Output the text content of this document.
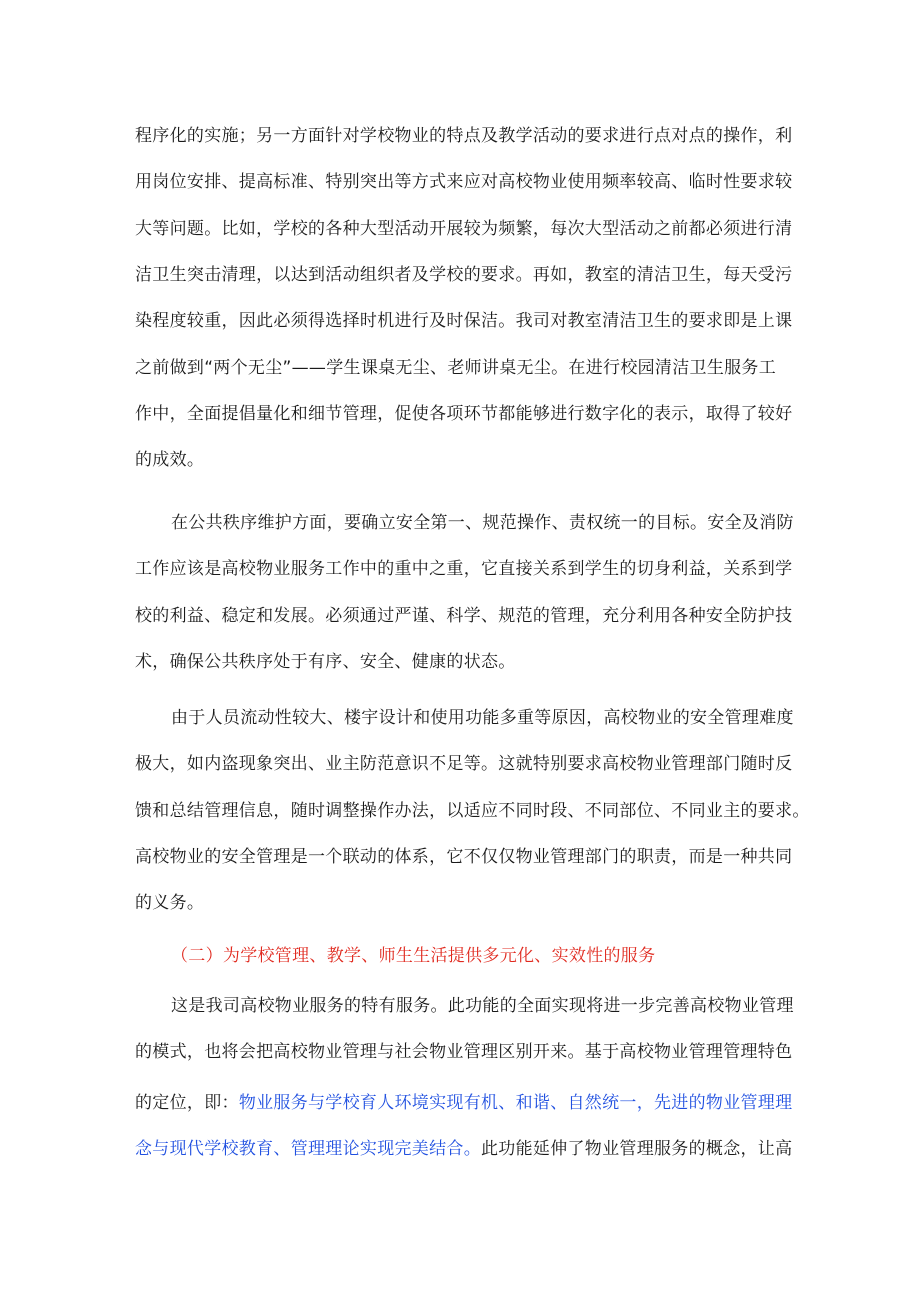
程序化的实施；另一方面针对学校物业的特点及教学活动的要求进行点对点的操作，利
用岗位安排、提高标准、特别突出等方式来应对高校物业使用频率较高、临时性要求较
大等问题。比如，学校的各种大型活动开展较为频繁，每次大型活动之前都必须进行清
洁卫生突击清理，以达到活动组织者及学校的要求。再如，教室的清洁卫生，每天受污
染程度较重，因此必须得选择时机进行及时保洁。我司对教室清洁卫生的要求即是上课
之前做到“两个无尘”——学生课桌无尘、老师讲桌无尘。在进行校园清洁卫生服务工
作中，全面提倡量化和细节管理，促使各项环节都能够进行数字化的表示，取得了较好
的成效。
在公共秩序维护方面，要确立安全第一、规范操作、责权统一的目标。安全及消防
工作应该是高校物业服务工作中的重中之重，它直接关系到学生的切身利益，关系到学
校的利益、稳定和发展。必须通过严谨、科学、规范的管理，充分利用各种安全防护技
术，确保公共秩序处于有序、安全、健康的状态。
由于人员流动性较大、楼宇设计和使用功能多重等原因，高校物业的安全管理难度
极大，如内盗现象突出、业主防范意识不足等。这就特别要求高校物业管理部门随时反
馈和总结管理信息，随时调整操作办法，以适应不同时段、不同部位、不同业主的要求。
高校物业的安全管理是一个联动的体系，它不仅仅物业管理部门的职责，而是一种共同
的义务。
（二）为学校管理、教学、师生生活提供多元化、实效性的服务
这是我司高校物业服务的特有服务。此功能的全面实现将进一步完善高校物业管理
的模式，也将会把高校物业管理与社会物业管理区别开来。基于高校物业管理管理特色
的定位，即：物业服务与学校育人环境实现有机、和谐、自然统一，先进的物业管理理
念与现代学校教育、管理理论实现完美结合。此功能延伸了物业管理服务的概念，让高
